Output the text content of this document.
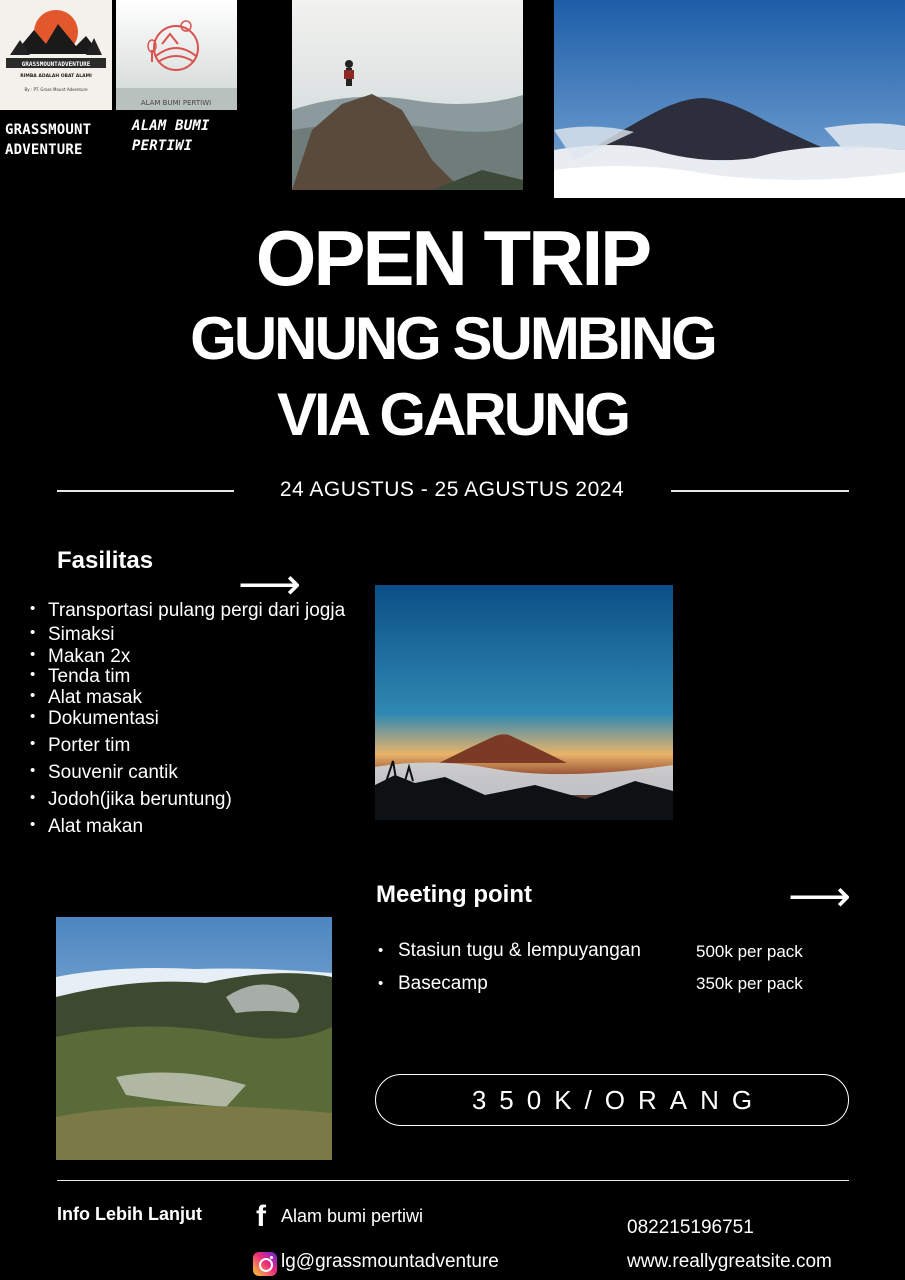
GRASSMOUNTADVENTURE
RIMBA ADALAH OBAT ALAMI
By : PT. Grass Mount Adventure
ALAM BUMI PERTIWI
GRASSMOUNT ADVENTURE
ALAM BUMI PERTIWI
OPEN TRIP
GUNUNG SUMBING
VIA GARUNG
24 AGUSTUS - 25 AGUSTUS 2024
Fasilitas ⟶
• Transportasi pulang pergi dari jogja
• Simaksi
• Makan 2x
• Tenda tim
• Alat masak
• Dokumentasi
• Porter tim
• Souvenir cantik
• Jodoh(jika beruntung)
• Alat makan
Meeting point	⟶
• Stasiun tugu & lempuyangan
• Basecamp
500k per pack
350k per pack
350K/ORANG
Info Lebih Lanjut f Alam bumi pertiwi
lg@grassmountadventure
082215196751
www.reallygreatsite.com
